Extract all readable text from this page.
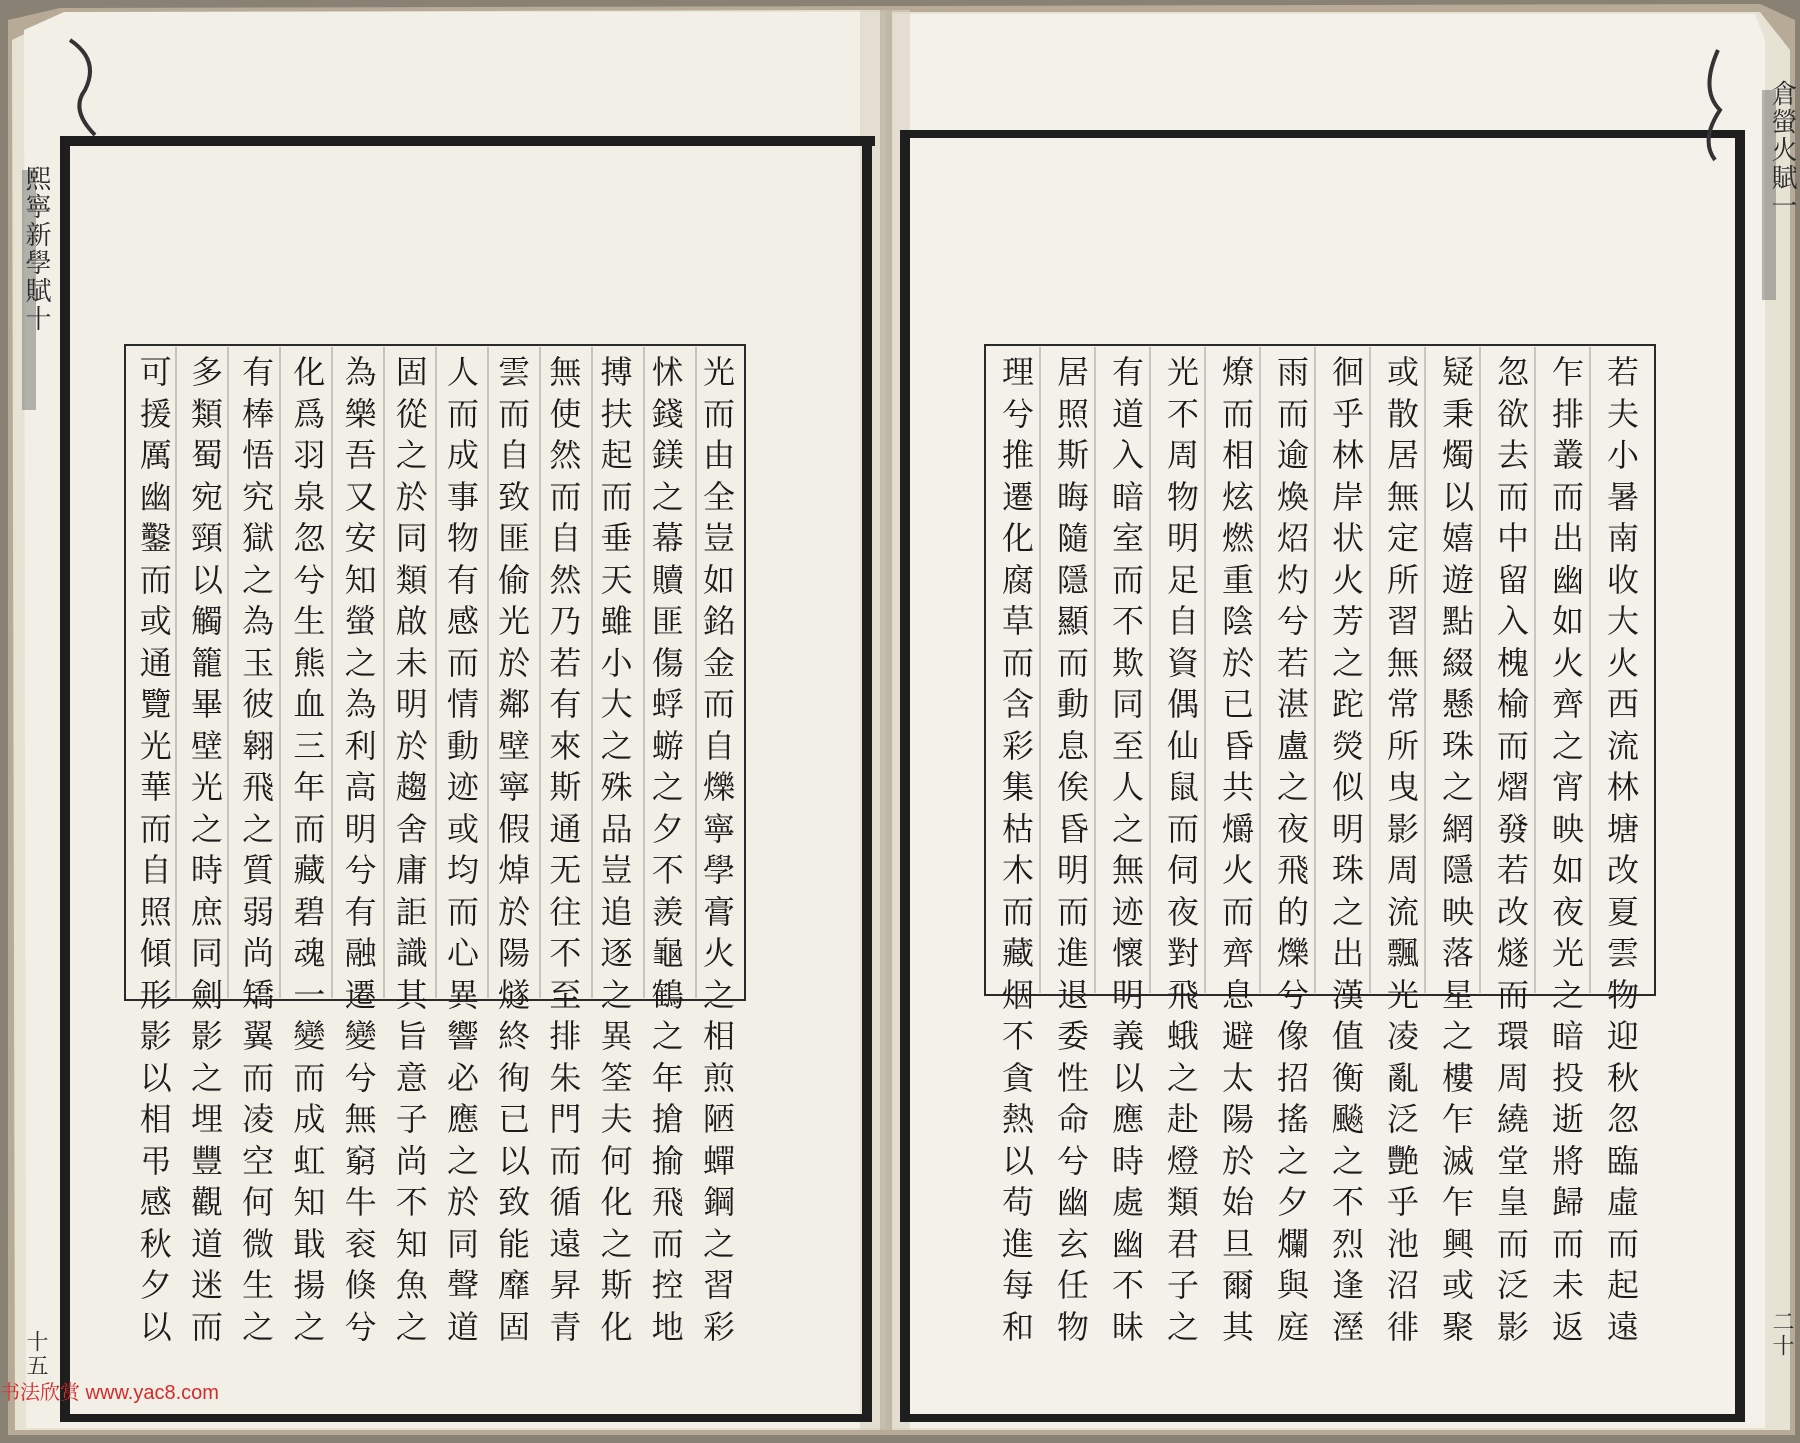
熙寧新學賦十
倉螢火賦一
十五	二十
光
而
由
全
豈
如
銘
金
而
自
爍
寧
學
膏
火
之
相
煎
陋
蟬
鋼
之
習
彩
怵
錢
鎂
之
幕
贖
匪
傷
蜉
蝣
之
夕
不
羨
龜
鶴
之
年
搶
揄
飛
而
控
地
搏
扶
起
而
垂
天
雖
小
大
之
殊
品
豈
追
逐
之
異
筌
夫
何
化
之
斯
化
無
使
然
而
自
然
乃
若
有
來
斯
通
无
往
不
至
排
朱
門
而
循
遠
昇
青
雲
而
自
致
匪
偷
光
於
鄰
壁
寧
假
焯
於
陽
燧
終
徇
已
以
致
能
靡
固
人
而
成
事
物
有
感
而
情
動
迹
或
均
而
心
異
響
必
應
之
於
同
聲
道
固
從
之
於
同
類
啟
未
明
於
趨
舍
庸
詎
識
其
旨
意
子
尚
不
知
魚
之
為
樂
吾
又
安
知
螢
之
為
利
高
明
兮
有
融
遷
變
兮
無
窮
牛
衮
倏
兮
化
爲
羽
泉
忽
兮
生
熊
血
三
年
而
藏
碧
魂
一
變
而
成
虹
知
戢
揚
之
有
棒
悟
究
獄
之
為
玉
彼
翱
飛
之
質
弱
尚
矯
翼
而
凌
空
何
微
生
之
多
類
蜀
宛
頸
以
觸
籠
畢
壁
光
之
時
庶
同
劍
影
之
埋
豐
觀
道
迷
而
可
援
厲
幽
鑿
而
或
通
覽
光
華
而
自
照
傾
形
影
以
相
弔
感
秋
夕
以
若
夫
小
暑
南
收
大
火
西
流
林
塘
改
夏
雲
物
迎
秋
忽
臨
虛
而
起
遠
乍
排
叢
而
出
幽
如
火
齊
之
宵
映
如
夜
光
之
暗
投
逝
將
歸
而
未
返
忽
欲
去
而
中
留
入
槐
榆
而
熠
發
若
改
燧
而
環
周
繞
堂
皇
而
泛
影
疑
秉
燭
以
嬉
遊
點
綴
懸
珠
之
網
隱
映
落
星
之
樓
乍
滅
乍
興
或
聚
或
散
居
無
定
所
習
無
常
所
曳
影
周
流
飄
光
凌
亂
泛
艷
乎
池
沼
徘
徊
乎
林
岸
状
火
芳
之
跎
熒
似
明
珠
之
出
漢
值
衡
飈
之
不
烈
逢
溼
雨
而
逾
煥
炤
灼
兮
若
湛
盧
之
夜
飛
的
爍
兮
像
招
搖
之
夕
爛
與
庭
燎
而
相
炫
燃
重
陰
於
已
昏
共
爝
火
而
齊
息
避
太
陽
於
始
旦
爾
其
光
不
周
物
明
足
自
資
偶
仙
鼠
而
伺
夜
對
飛
蛾
之
赴
燈
類
君
子
之
有
道
入
暗
室
而
不
欺
同
至
人
之
無
迹
懷
明
義
以
應
時
處
幽
不
昧
居
照
斯
晦
隨
隱
顯
而
動
息
俟
昏
明
而
進
退
委
性
命
兮
幽
玄
任
物
理
兮
推
遷
化
腐
草
而
含
彩
集
枯
木
而
藏
烟
不
貪
熱
以
苟
進
每
和
书法欣赏 www.yac8.com
